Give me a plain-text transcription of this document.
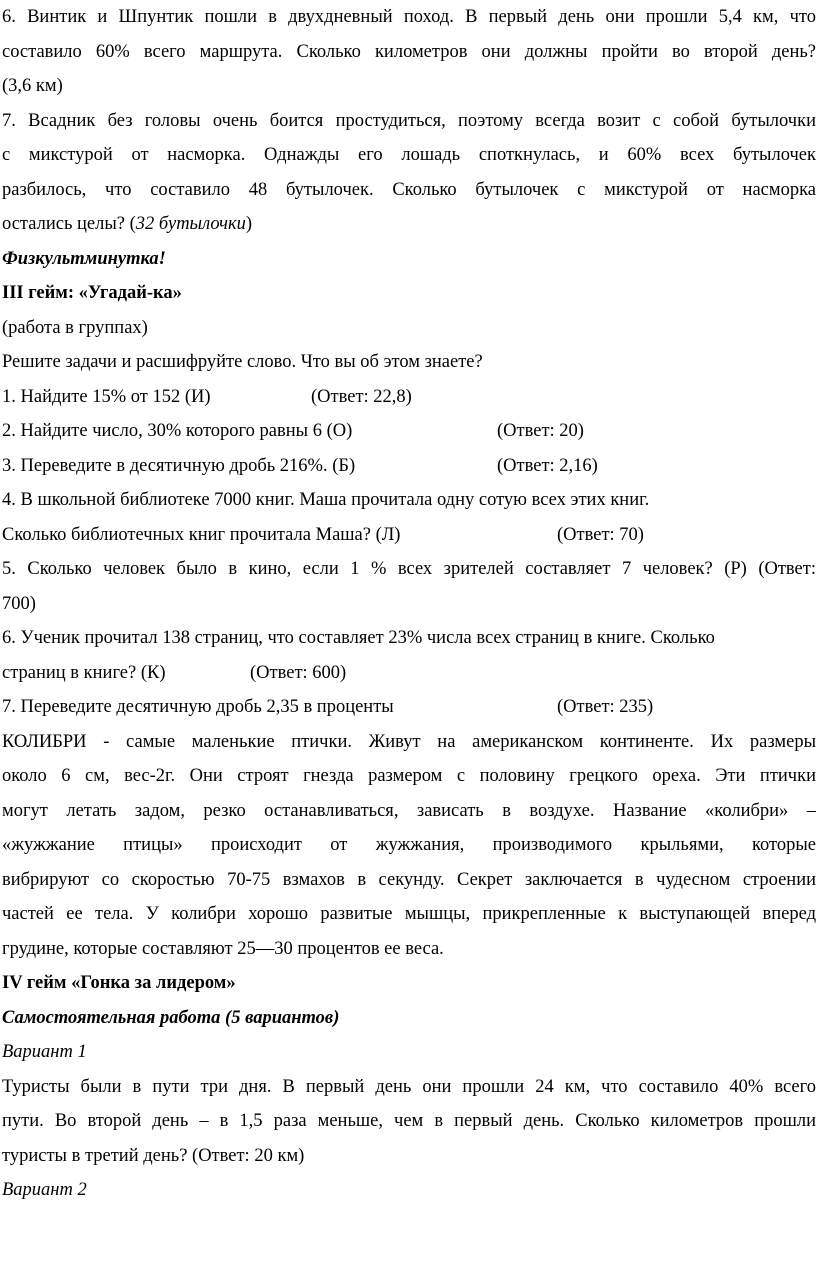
6. Винтик и Шпунтик пошли в двухдневный поход. В первый день они прошли 5,4 км, что
составило 60% всего маршрута. Сколько километров они должны пройти во второй день?
(3,6 км)
7. Всадник без головы очень боится простудиться, поэтому всегда возит с собой бутылочки
с микстурой от насморка. Однажды его лошадь споткнулась, и 60% всех бутылочек
разбилось, что составило 48 бутылочек. Сколько бутылочек с микстурой от насморка
остались целы? (32 бутылочки)
Физкультминутка!
III гейм: «Угадай-ка»
(работа в группах)
Решите задачи и расшифруйте слово. Что вы об этом знаете?
1. Найдите 15% от 152 (И)	(Ответ: 22,8)
2. Найдите число, 30% которого равны 6 (О)	(Ответ: 20)
3. Переведите в десятичную дробь 216%. (Б)	(Ответ: 2,16)
4. В школьной библиотеке 7000 книг. Маша прочитала одну сотую всех этих книг.
Сколько библиотечных книг прочитала Маша? (Л)	(Ответ: 70)
5. Сколько человек было в кино, если 1 % всех зрителей составляет 7 человек? (Р) (Ответ:
700)
6. Ученик прочитал 138 страниц, что составляет 23% числа всех страниц в книге. Сколько
страниц в книге? (К)	(Ответ: 600)
7. Переведите десятичную дробь 2,35 в проценты	(Ответ: 235)
КОЛИБРИ - самые маленькие птички. Живут на американском континенте. Их размеры
около 6 см, вес-2г. Они строят гнезда размером с половину грецкого ореха. Эти птички
могут летать задом, резко останавливаться, зависать в воздухе. Название «колибри» –
«жужжание птицы» происходит от жужжания, производимого крыльями, которые
вибрируют со скоростью 70-75 взмахов в секунду. Секрет заключается в чудесном строении
частей ее тела. У колибри хорошо развитые мышцы, прикрепленные к выступающей вперед
грудине, которые составляют 25—30 процентов ее веса.
IV гейм «Гонка за лидером»
Самостоятельная работа (5 вариантов)
Вариант 1
Туристы были в пути три дня. В первый день они прошли 24 км, что составило 40% всего
пути. Во второй день – в 1,5 раза меньше, чем в первый день. Сколько километров прошли
туристы в третий день? (Ответ: 20 км)
Вариант 2
